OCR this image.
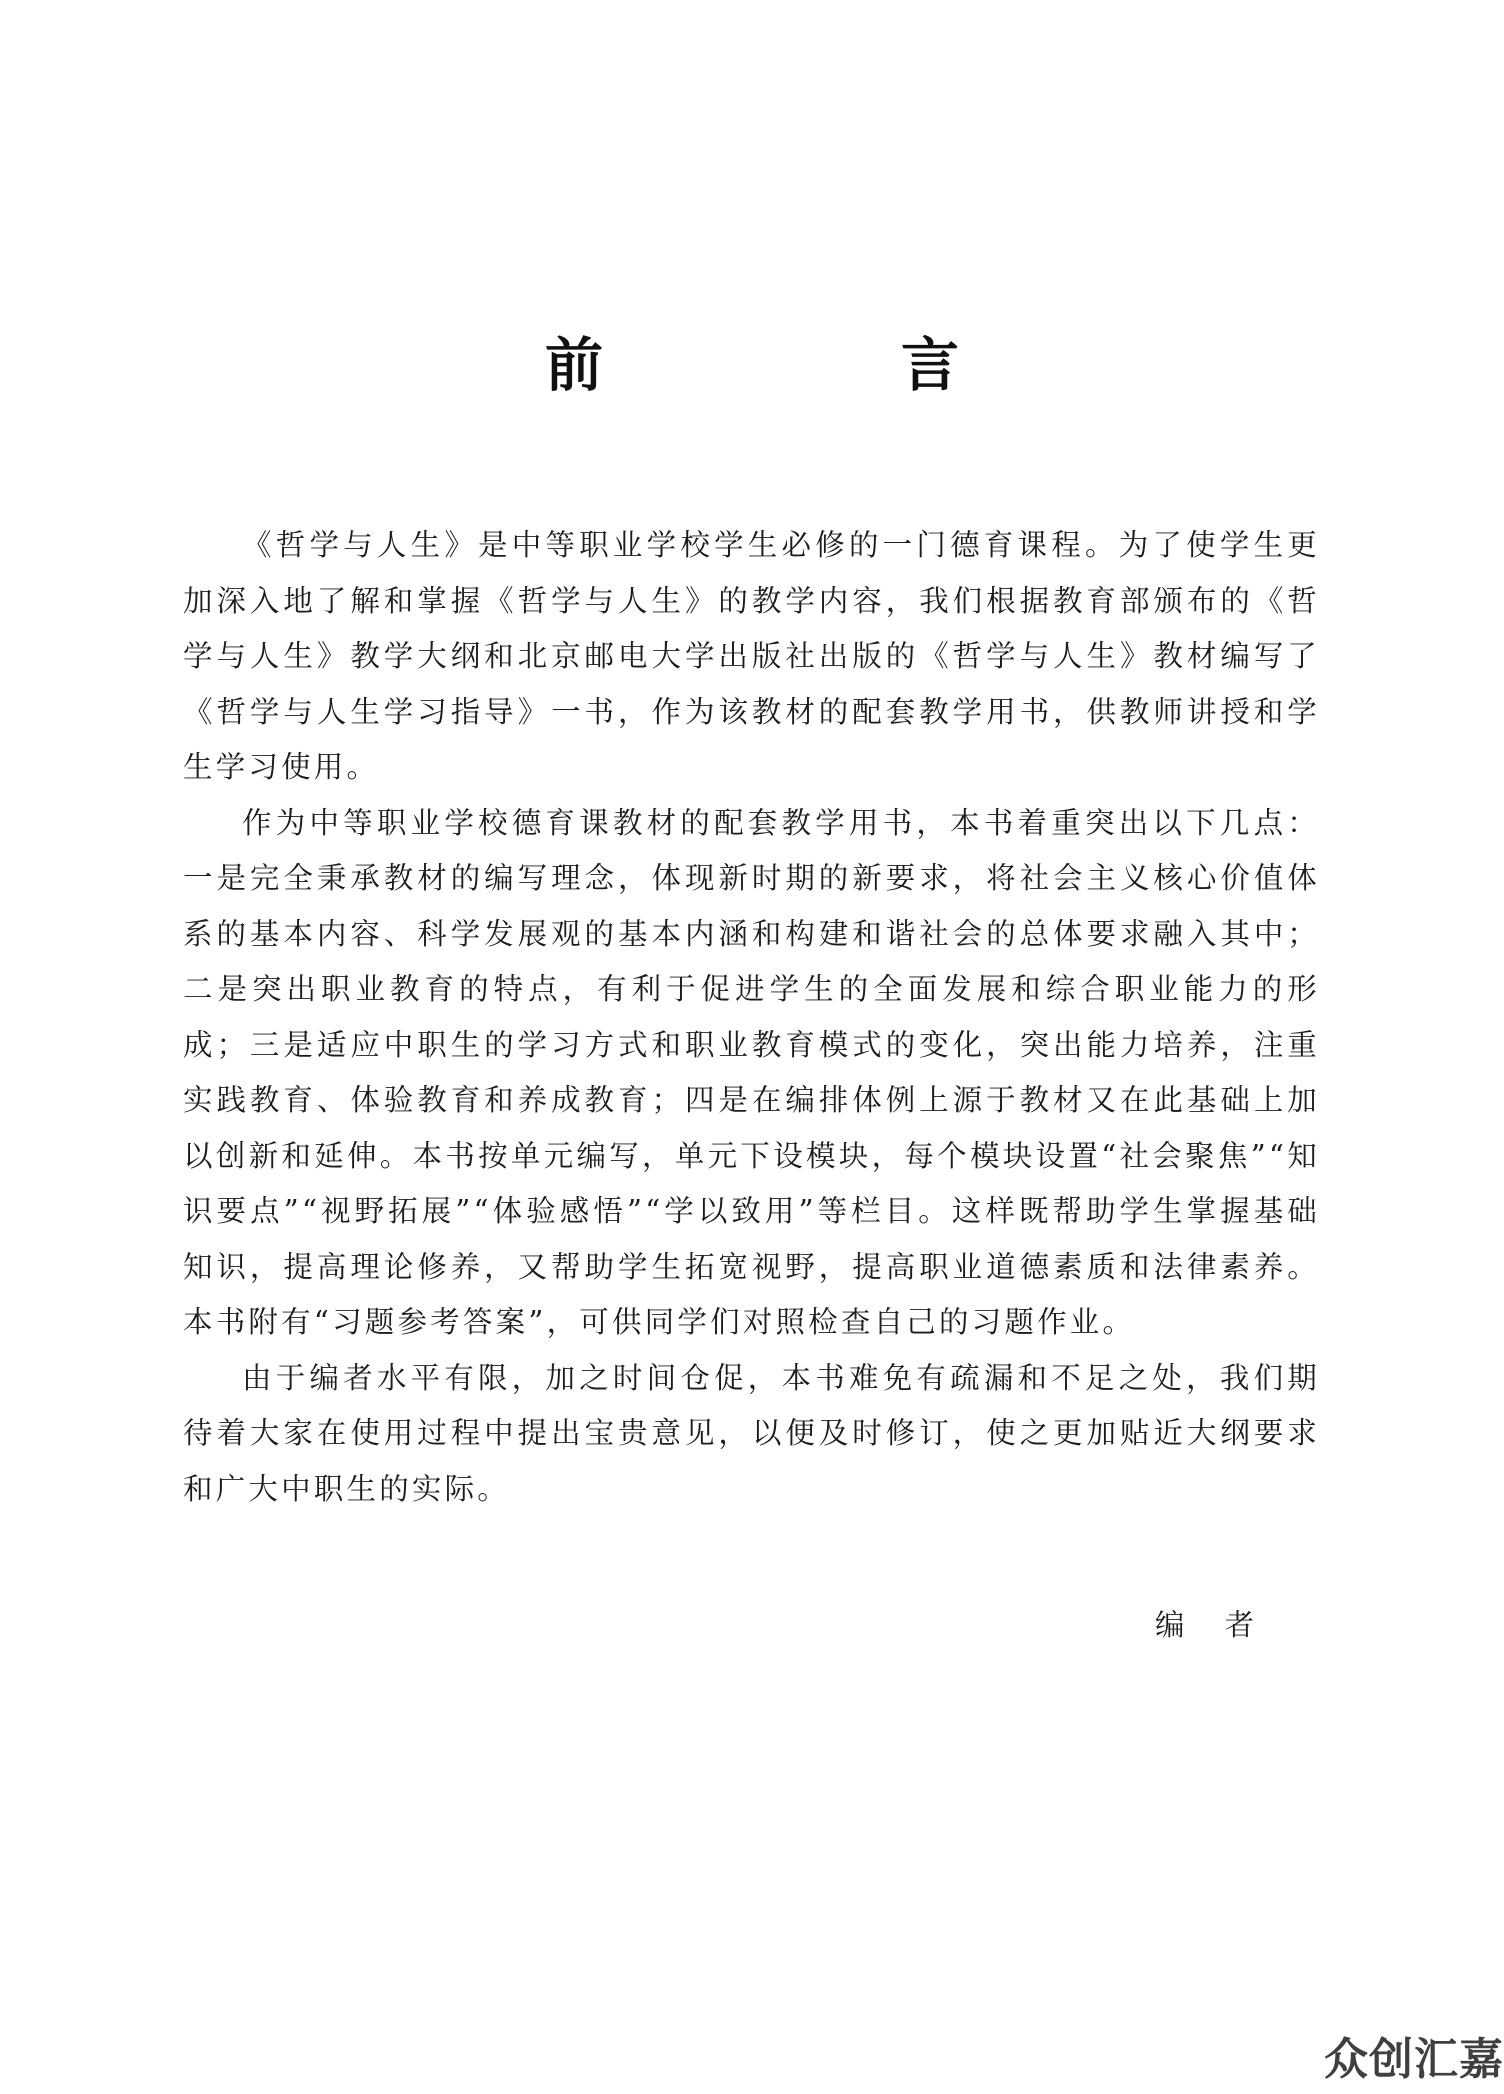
前　言

《哲学与人生》是中等职业学校学生必修的一门德育课程。为了使学生更加深入地了解和掌握《哲学与人生》的教学内容，我们根据教育部颁布的《哲学与人生》教学大纲和北京邮电大学出版社出版的《哲学与人生》教材编写了《哲学与人生学习指导》一书，作为该教材的配套教学用书，供教师讲授和学生学习使用。

作为中等职业学校德育课教材的配套教学用书，本书着重突出以下几点：一是完全秉承教材的编写理念，体现新时期的新要求，将社会主义核心价值体系的基本内容、科学发展观的基本内涵和构建和谐社会的总体要求融入其中；二是突出职业教育的特点，有利于促进学生的全面发展和综合职业能力的形成；三是适应中职生的学习方式和职业教育模式的变化，突出能力培养，注重实践教育、体验教育和养成教育；四是在编排体例上源于教材又在此基础上加以创新和延伸。本书按单元编写，单元下设模块，每个模块设置“社会聚焦”“知识要点”“视野拓展”“体验感悟”“学以致用”等栏目。这样既帮助学生掌握基础知识，提高理论修养，又帮助学生拓宽视野，提高职业道德素质和法律素养。本书附有“习题参考答案”，可供同学们对照检查自己的习题作业。

由于编者水平有限，加之时间仓促，本书难免有疏漏和不足之处，我们期待着大家在使用过程中提出宝贵意见，以便及时修订，使之更加贴近大纲要求和广大中职生的实际。

编者
众创汇嘉
